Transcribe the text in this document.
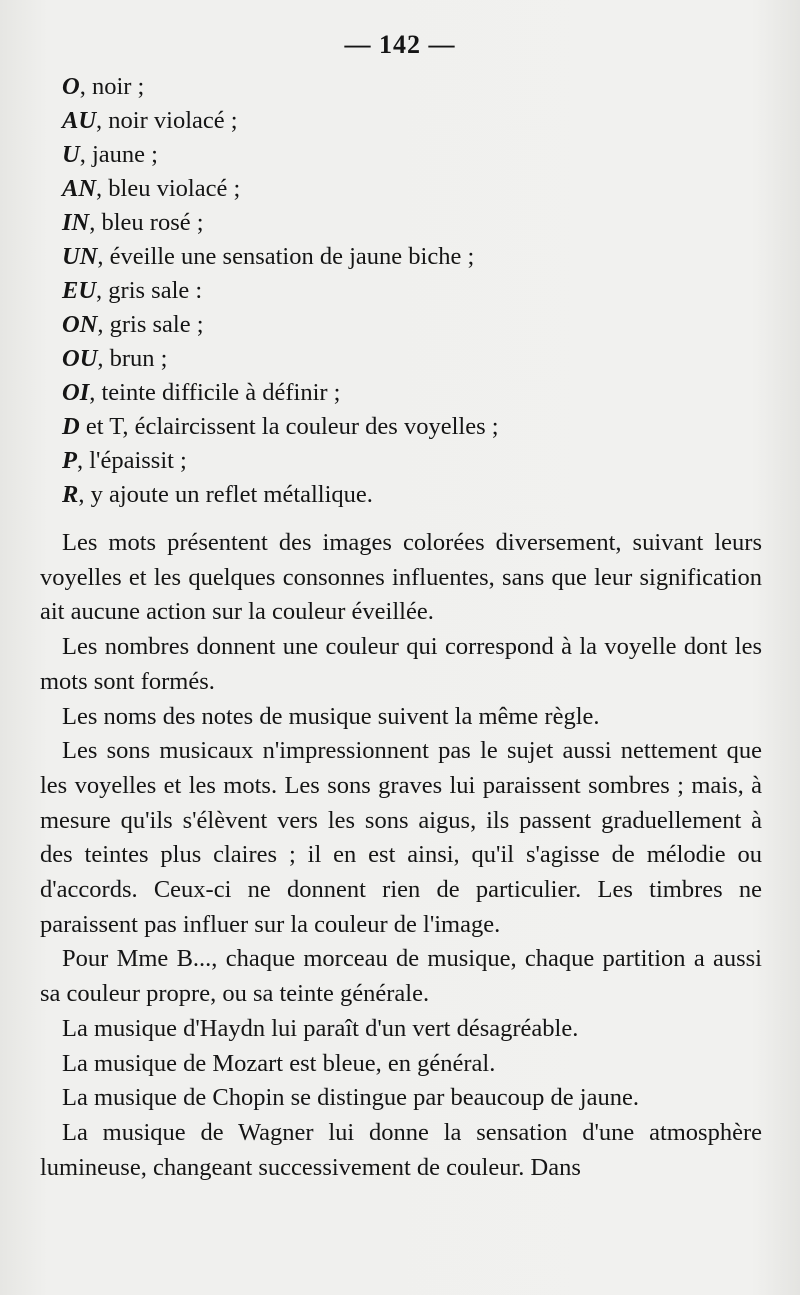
— 142 —
O, noir ;
AU, noir violacé ;
U, jaune ;
AN, bleu violacé ;
IN, bleu rosé ;
UN, éveille une sensation de jaune biche ;
EU, gris sale :
ON, gris sale ;
OU, brun ;
OI, teinte difficile à définir ;
D et T, éclaircissent la couleur des voyelles ;
P, l'épaissit ;
R, y ajoute un reflet métallique.

Les mots présentent des images colorées diversement, suivant leurs voyelles et les quelques consonnes influentes, sans que leur signification ait aucune action sur la couleur éveillée.

Les nombres donnent une couleur qui correspond à la voyelle dont les mots sont formés.

Les noms des notes de musique suivent la même règle.

Les sons musicaux n'impressionnent pas le sujet aussi nettement que les voyelles et les mots. Les sons graves lui paraissent sombres ; mais, à mesure qu'ils s'élèvent vers les sons aigus, ils passent graduellement à des teintes plus claires ; il en est ainsi, qu'il s'agisse de mélodie ou d'accords. Ceux-ci ne donnent rien de particulier. Les timbres ne paraissent pas influer sur la couleur de l'image.

Pour Mme B..., chaque morceau de musique, chaque partition a aussi sa couleur propre, ou sa teinte générale.

La musique d'Haydn lui paraît d'un vert désagréable.

La musique de Mozart est bleue, en général.

La musique de Chopin se distingue par beaucoup de jaune.

La musique de Wagner lui donne la sensation d'une atmosphère lumineuse, changeant successivement de couleur. Dans
